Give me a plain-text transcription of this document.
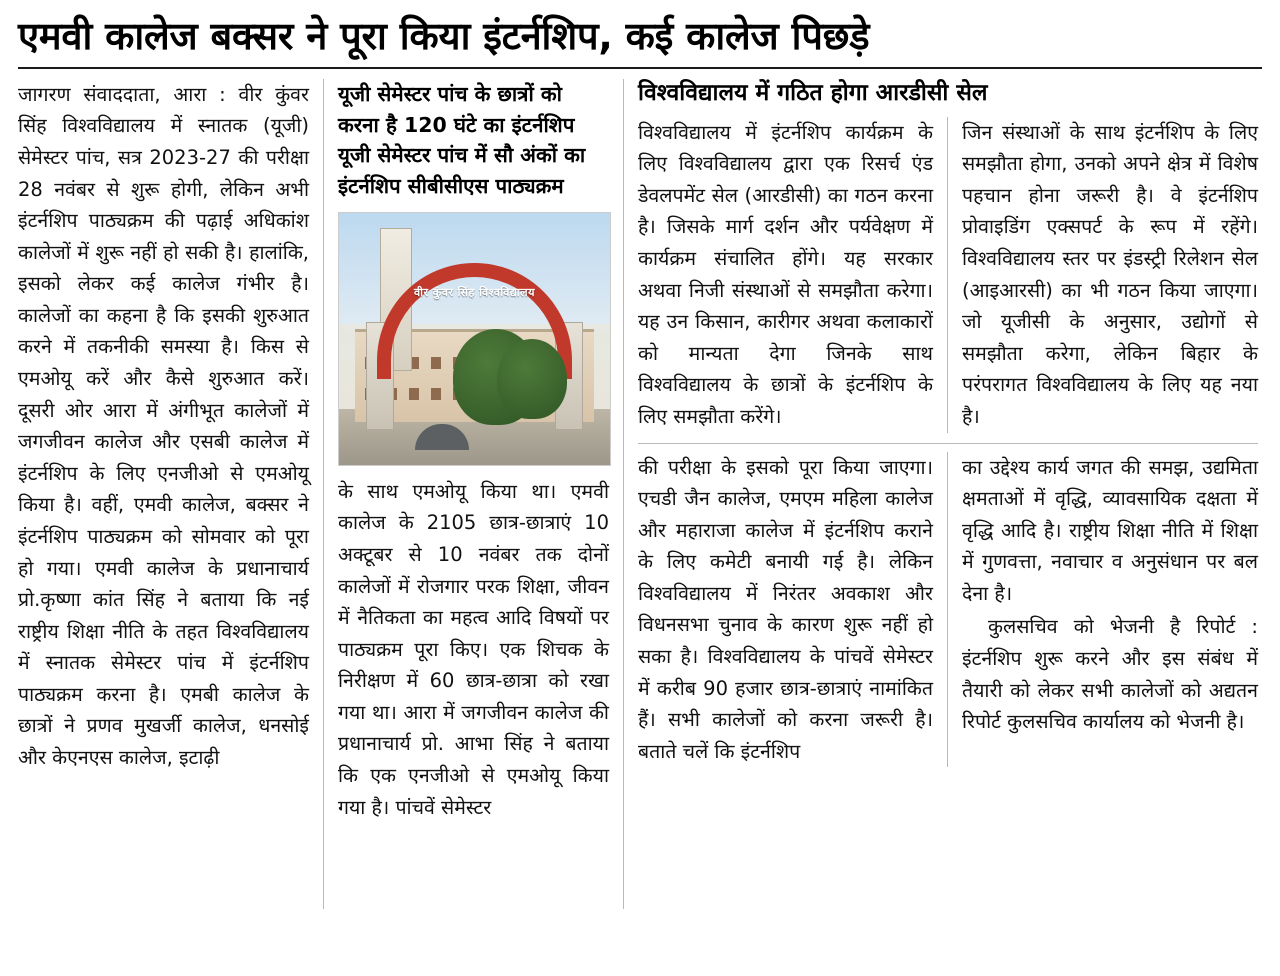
एमवी कालेज बक्सर ने पूरा किया इंटर्नशिप, कई कालेज पिछड़े

जागरण संवाददाता, आरा : वीर कुंवर सिंह विश्वविद्यालय में स्नातक (यूजी) सेमेस्टर पांच, सत्र 2023-27 की परीक्षा 28 नवंबर से शुरू होगी, लेकिन अभी इंटर्नशिप पाठ्यक्रम की पढ़ाई अधिकांश कालेजों में शुरू नहीं हो सकी है। हालांकि, इसको लेकर कई कालेज गंभीर है। कालेजों का कहना है कि इसकी शुरुआत करने में तकनीकी समस्या है। किस से एमओयू करें और कैसे शुरुआत करें। दूसरी ओर आरा में अंगीभूत कालेजों में जगजीवन कालेज और एसबी कालेज में इंटर्नशिप के लिए एनजीओ से एमओयू किया है। वहीं, एमवी कालेज, बक्सर ने इंटर्नशिप पाठ्यक्रम को सोमवार को पूरा हो गया। एमवी कालेज के प्रधानाचार्य प्रो.कृष्णा कांत सिंह ने बताया कि नई राष्ट्रीय शिक्षा नीति के तहत विश्वविद्यालय में स्नातक सेमेस्टर पांच में इंटर्नशिप पाठ्यक्रम करना है। एमबी कालेज के छात्रों ने प्रणव मुखर्जी कालेज, धनसोई और केएनएस कालेज, इटाढ़ी

यूजी सेमेस्टर पांच के छात्रों को करना है 120 घंटे का इंटर्नशिप
यूजी सेमेस्टर पांच में सौ अंकों का इंटर्नशिप सीबीसीएस पाठ्यक्रम
वीर कुंवर सिंह विश्वविद्यालय

के साथ एमओयू किया था। एमवी कालेज के 2105 छात्र-छात्राएं 10 अक्टूबर से 10 नवंबर तक दोनों कालेजों में रोजगार परक शिक्षा, जीवन में नैतिकता का महत्व आदि विषयों पर पाठ्यक्रम पूरा किए। एक शिचक के निरीक्षण में 60 छात्र-छात्रा को रखा गया था। आरा में जगजीवन कालेज की प्रधानाचार्य प्रो. आभा सिंह ने बताया कि एक एनजीओ से एमओयू किया गया है। पांचवें सेमेस्टर

विश्वविद्यालय में गठित होगा आरडीसी सेल

विश्वविद्यालय में इंटर्नशिप कार्यक्रम के लिए विश्वविद्यालय द्वारा एक रिसर्च एंड डेवलपमेंट सेल (आरडीसी) का गठन करना है। जिसके मार्ग दर्शन और पर्यवेक्षण में कार्यक्रम संचालित होंगे। यह सरकार अथवा निजी संस्थाओं से समझौता करेगा। यह उन किसान, कारीगर अथवा कलाकारों को मान्यता देगा जिनके साथ विश्वविद्यालय के छात्रों के इंटर्नशिप के लिए समझौता करेंगे।

जिन संस्थाओं के साथ इंटर्नशिप के लिए समझौता होगा, उनको अपने क्षेत्र में विशेष पहचान होना जरूरी है। वे इंटर्नशिप प्रोवाइडिंग एक्सपर्ट के रूप में रहेंगे। विश्वविद्यालय स्तर पर इंडस्ट्री रिलेशन सेल (आइआरसी) का भी गठन किया जाएगा। जो यूजीसी के अनुसार, उद्योगों से समझौता करेगा, लेकिन बिहार के परंपरागत विश्वविद्यालय के लिए यह नया है।

की परीक्षा के इसको पूरा किया जाएगा। एचडी जैन कालेज, एमएम महिला कालेज और महाराजा कालेज में इंटर्नशिप कराने के लिए कमेटी बनायी गई है। लेकिन विश्वविद्यालय में निरंतर अवकाश और विधनसभा चुनाव के कारण शुरू नहीं हो सका है। विश्वविद्यालय के पांचवें सेमेस्टर में करीब 90 हजार छात्र-छात्राएं नामांकित हैं। सभी कालेजों को करना जरूरी है। बताते चलें कि इंटर्नशिप

का उद्देश्य कार्य जगत की समझ, उद्यमिता क्षमताओं में वृद्धि, व्यावसायिक दक्षता में वृद्धि आदि है। राष्ट्रीय शिक्षा नीति में शिक्षा में गुणवत्ता, नवाचार व अनुसंधान पर बल देना है।

कुलसचिव को भेजनी है रिपोर्ट : इंटर्नशिप शुरू करने और इस संबंध में तैयारी को लेकर सभी कालेजों को अद्यतन रिपोर्ट कुलसचिव कार्यालय को भेजनी है।
